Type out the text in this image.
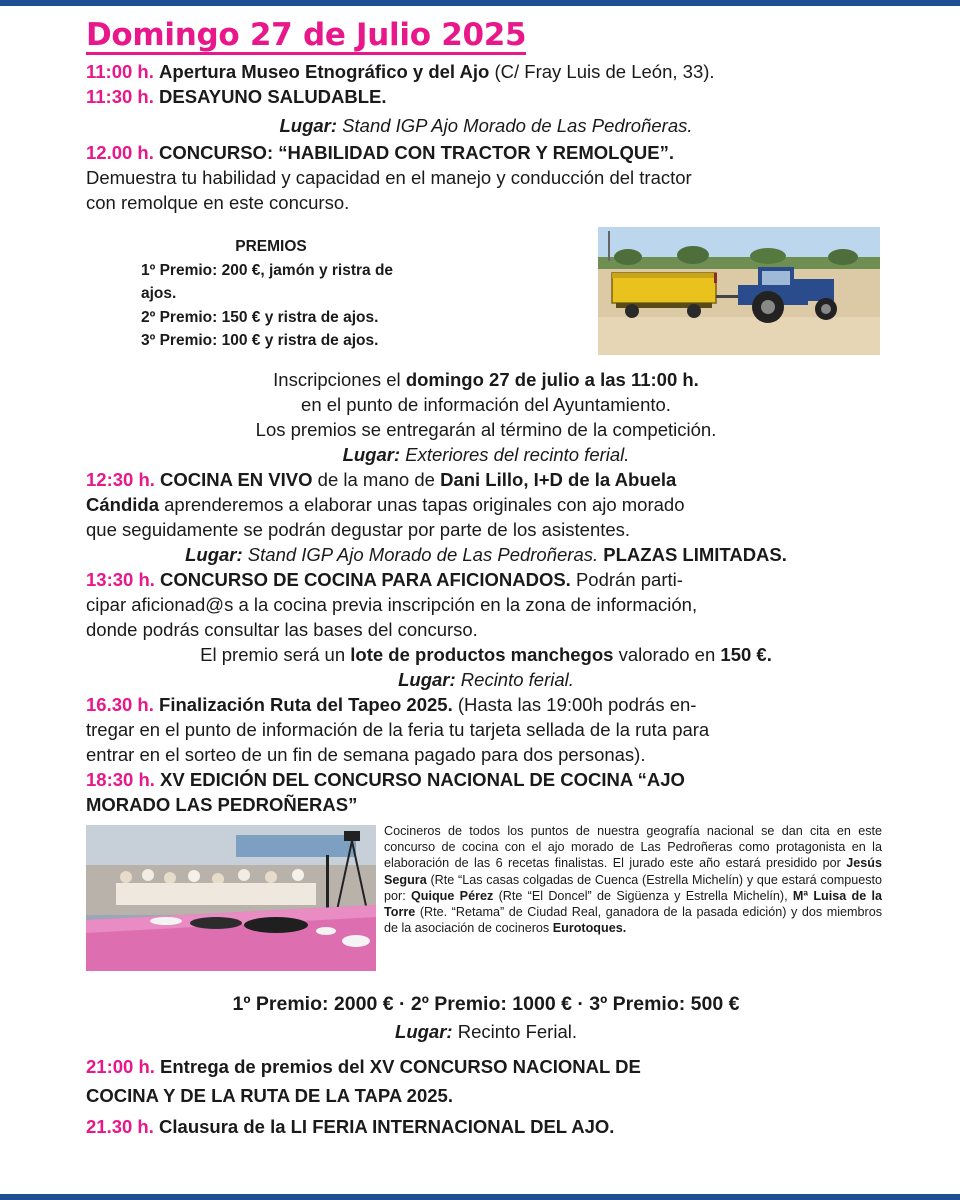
Domingo 27 de Julio 2025
11:00 h. Apertura Museo Etnográfico y del Ajo (C/ Fray Luis de León, 33).
11:30 h. DESAYUNO SALUDABLE.
Lugar: Stand IGP Ajo Morado de Las Pedroñeras.
12.00 h. CONCURSO: “HABILIDAD CON TRACTOR Y REMOLQUE”.
Demuestra tu habilidad y capacidad en el manejo y conducción del tractor
con remolque en este concurso.
PREMIOS
1º Premio: 200 €, jamón y ristra de ajos.
2º Premio: 150 € y ristra de ajos.
3º Premio: 100 € y ristra de ajos.
Inscripciones el domingo 27 de julio a las 11:00 h.
en el punto de información del Ayuntamiento.
Los premios se entregarán al término de la competición.
Lugar: Exteriores del recinto ferial.
12:30 h. COCINA EN VIVO de la mano de Dani Lillo, I+D de la Abuela
Cándida aprenderemos a elaborar unas tapas originales con ajo morado
que seguidamente se podrán degustar por parte de los asistentes.
Lugar: Stand IGP Ajo Morado de Las Pedroñeras. PLAZAS LIMITADAS.
13:30 h. CONCURSO DE COCINA PARA AFICIONADOS. Podrán parti-
cipar aficionad@s a la cocina previa inscripción en la zona de información,
donde podrás consultar las bases del concurso.
El premio será un lote de productos manchegos valorado en 150 €.
Lugar: Recinto ferial.
16.30 h. Finalización Ruta del Tapeo 2025. (Hasta las 19:00h podrás en-
tregar en el punto de información de la feria tu tarjeta sellada de la ruta para
entrar en el sorteo de un fin de semana pagado para dos personas).
18:30 h. XV EDICIÓN DEL CONCURSO NACIONAL DE COCINA “AJO
MORADO LAS PEDROÑERAS”
Cocineros de todos los puntos de nuestra geografía nacional se dan cita en este concurso de cocina con el ajo morado de Las Pedroñeras como protagonista en la elaboración de las 6 recetas finalistas. El jurado este año estará presidido por Jesús Segura (Rte “Las casas colgadas de Cuenca (Estrella Michelín) y que estará compuesto por: Quique Pérez (Rte “El Doncel” de Sigüenza y Estrella Michelín), Mª Luisa de la Torre (Rte. “Retama” de Ciudad Real, ganadora de la pasada edición) y dos miembros de la asociación de cocineros Eurotoques.
1º Premio: 2000 € · 2º Premio: 1000 € · 3º Premio: 500 €
Lugar: Recinto Ferial.
21:00 h. Entrega de premios del XV CONCURSO NACIONAL DE
COCINA Y DE LA RUTA DE LA TAPA 2025.
21.30 h. Clausura de la LI FERIA INTERNACIONAL DEL AJO.
